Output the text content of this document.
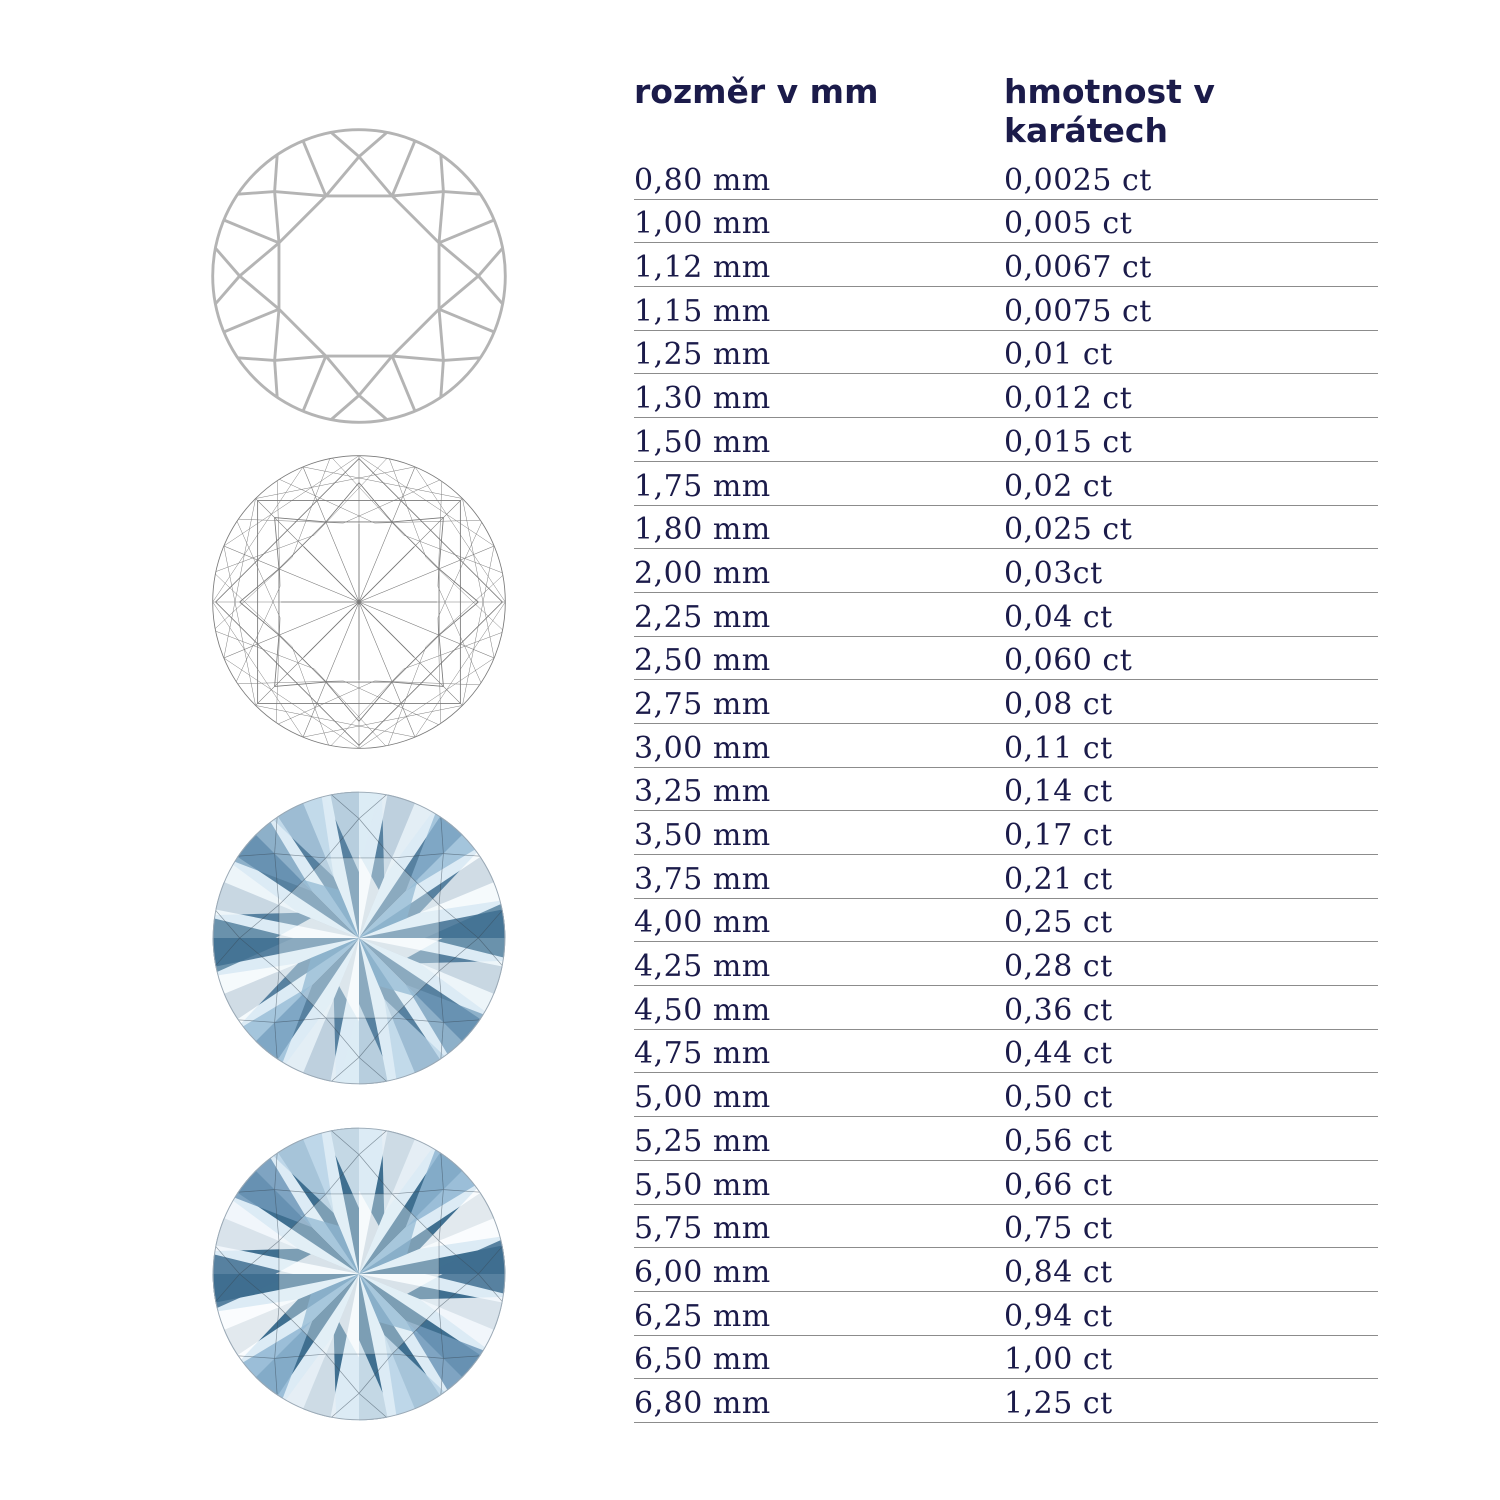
rozměr v mm	hmotnost v karátech
0,80 mm	0,0025 ct
1,00 mm	0,005 ct
1,12 mm	0,0067 ct
1,15 mm	0,0075 ct
1,25 mm	0,01 ct
1,30 mm	0,012 ct
1,50 mm	0,015 ct
1,75 mm	0,02 ct
1,80 mm	0,025 ct
2,00 mm	0,03ct
2,25 mm	0,04 ct
2,50 mm	0,060 ct
2,75 mm	0,08 ct
3,00 mm	0,11 ct
3,25 mm	0,14 ct
3,50 mm	0,17 ct
3,75 mm	0,21 ct
4,00 mm	0,25 ct
4,25 mm	0,28 ct
4,50 mm	0,36 ct
4,75 mm	0,44 ct
5,00 mm	0,50 ct
5,25 mm	0,56 ct
5,50 mm	0,66 ct
5,75 mm	0,75 ct
6,00 mm	0,84 ct
6,25 mm	0,94 ct
6,50 mm	1,00 ct
6,80 mm	1,25 ct
